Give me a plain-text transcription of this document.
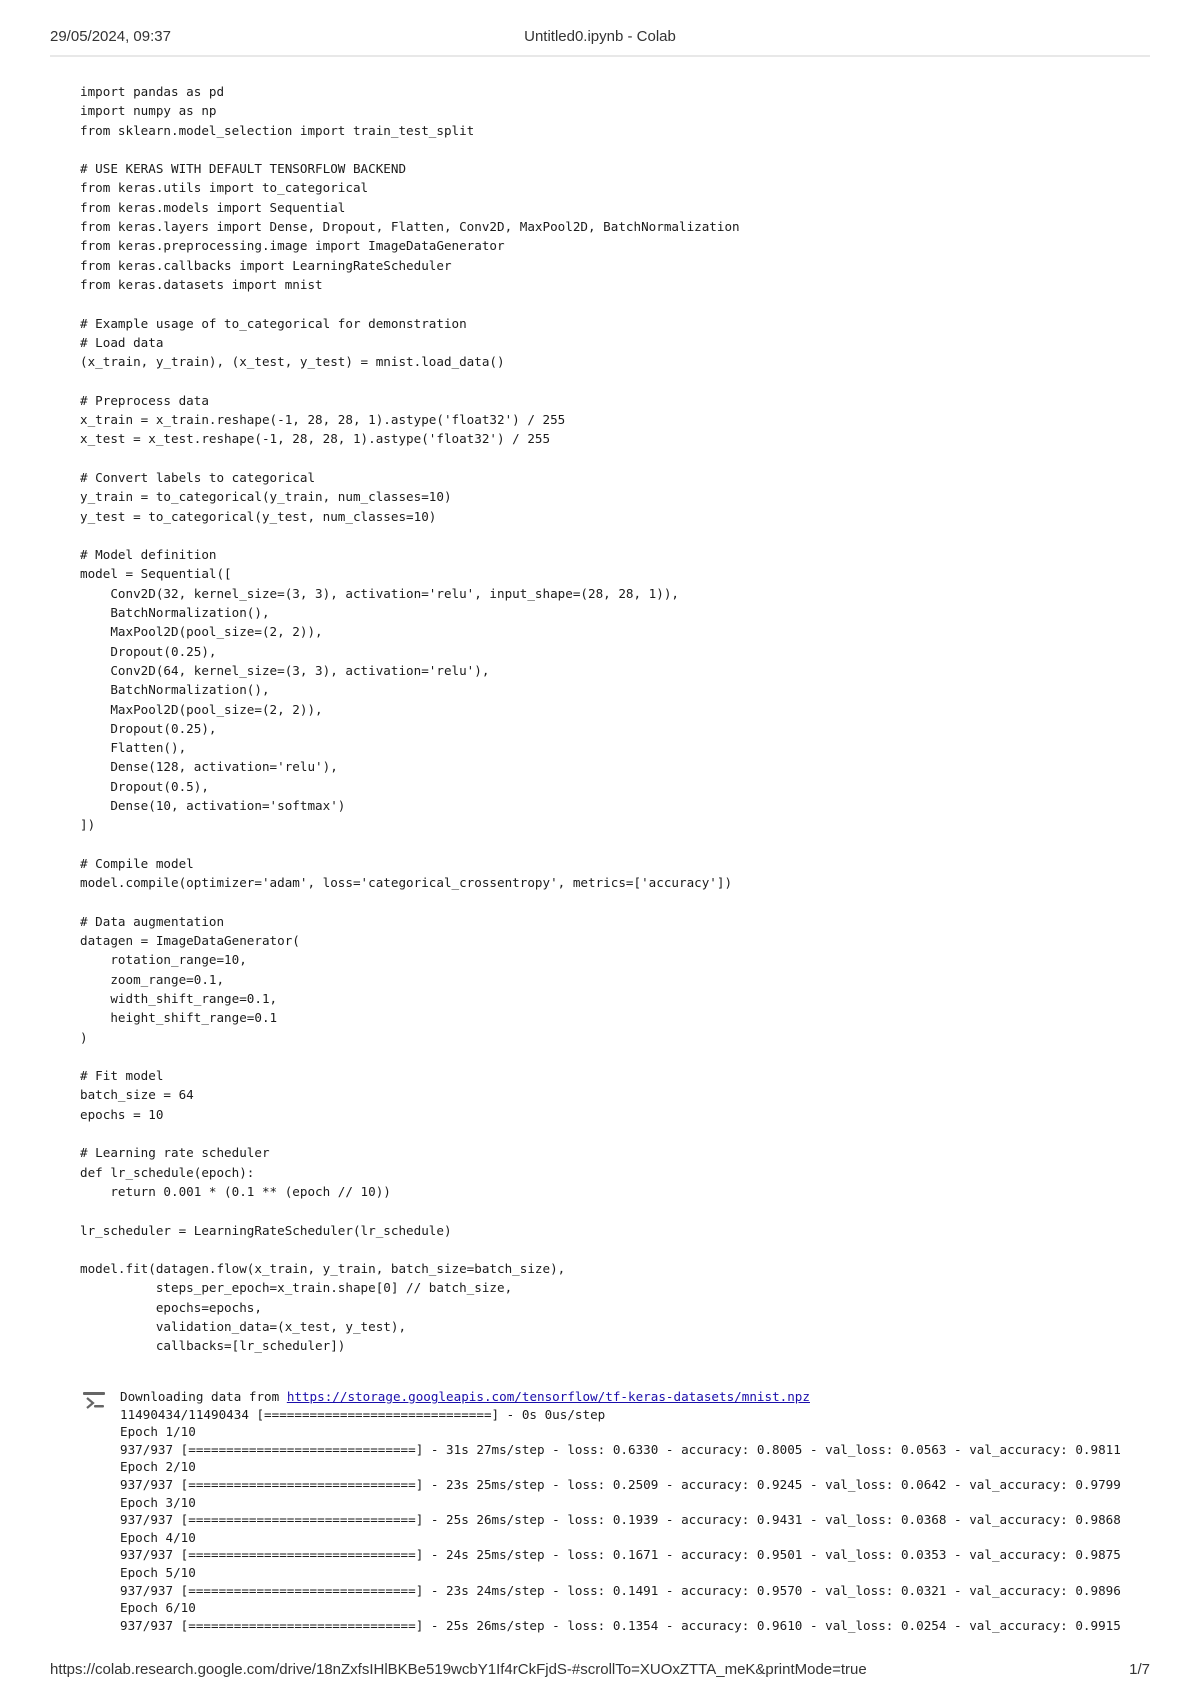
29/05/2024, 09:37	Untitled0.ipynb - Colab
import pandas as pd
import numpy as np
from sklearn.model_selection import train_test_split
# USE KERAS WITH DEFAULT TENSORFLOW BACKEND
from keras.utils import to_categorical
from keras.models import Sequential
from keras.layers import Dense, Dropout, Flatten, Conv2D, MaxPool2D, BatchNormalization
from keras.preprocessing.image import ImageDataGenerator
from keras.callbacks import LearningRateScheduler
from keras.datasets import mnist
# Example usage of to_categorical for demonstration
# Load data
(x_train, y_train), (x_test, y_test) = mnist.load_data()
# Preprocess data
x_train = x_train.reshape(-1, 28, 28, 1).astype('float32') / 255
x_test = x_test.reshape(-1, 28, 28, 1).astype('float32') / 255
# Convert labels to categorical
y_train = to_categorical(y_train, num_classes=10)
y_test = to_categorical(y_test, num_classes=10)
# Model definition
model = Sequential([
Conv2D(32, kernel_size=(3, 3), activation='relu', input_shape=(28, 28, 1)),
BatchNormalization(),
MaxPool2D(pool_size=(2, 2)),
Dropout(0.25),
Conv2D(64, kernel_size=(3, 3), activation='relu'),
BatchNormalization(),
MaxPool2D(pool_size=(2, 2)),
Dropout(0.25),
Flatten(),
Dense(128, activation='relu'),
Dropout(0.5),
Dense(10, activation='softmax')
])
# Compile model
model.compile(optimizer='adam', loss='categorical_crossentropy', metrics=['accuracy'])
# Data augmentation
datagen = ImageDataGenerator(
rotation_range=10,
zoom_range=0.1,
width_shift_range=0.1,
height_shift_range=0.1
)
# Fit model
batch_size = 64
epochs = 10
# Learning rate scheduler
def lr_schedule(epoch):
return 0.001 * (0.1 ** (epoch // 10))
lr_scheduler = LearningRateScheduler(lr_schedule)
model.fit(datagen.flow(x_train, y_train, batch_size=batch_size),
steps_per_epoch=x_train.shape[0] // batch_size,
epochs=epochs,
validation_data=(x_test, y_test),
callbacks=[lr_scheduler])
Downloading data from https://storage.googleapis.com/tensorflow/tf-keras-datasets/mnist.npz
11490434/11490434 [==============================] - 0s 0us/step
Epoch 1/10
937/937 [==============================] - 31s 27ms/step - loss: 0.6330 - accuracy: 0.8005 - val_loss: 0.0563 - val_accuracy: 0.9811
Epoch 2/10
937/937 [==============================] - 23s 25ms/step - loss: 0.2509 - accuracy: 0.9245 - val_loss: 0.0642 - val_accuracy: 0.9799
Epoch 3/10
937/937 [==============================] - 25s 26ms/step - loss: 0.1939 - accuracy: 0.9431 - val_loss: 0.0368 - val_accuracy: 0.9868
Epoch 4/10
937/937 [==============================] - 24s 25ms/step - loss: 0.1671 - accuracy: 0.9501 - val_loss: 0.0353 - val_accuracy: 0.9875
Epoch 5/10
937/937 [==============================] - 23s 24ms/step - loss: 0.1491 - accuracy: 0.9570 - val_loss: 0.0321 - val_accuracy: 0.9896
Epoch 6/10
937/937 [==============================] - 25s 26ms/step - loss: 0.1354 - accuracy: 0.9610 - val_loss: 0.0254 - val_accuracy: 0.9915
https://colab.research.google.com/drive/18nZxfsIHlBKBe519wcbY1If4rCkFjdS-#scrollTo=XUOxZTTA_meK&printMode=true	1/7
